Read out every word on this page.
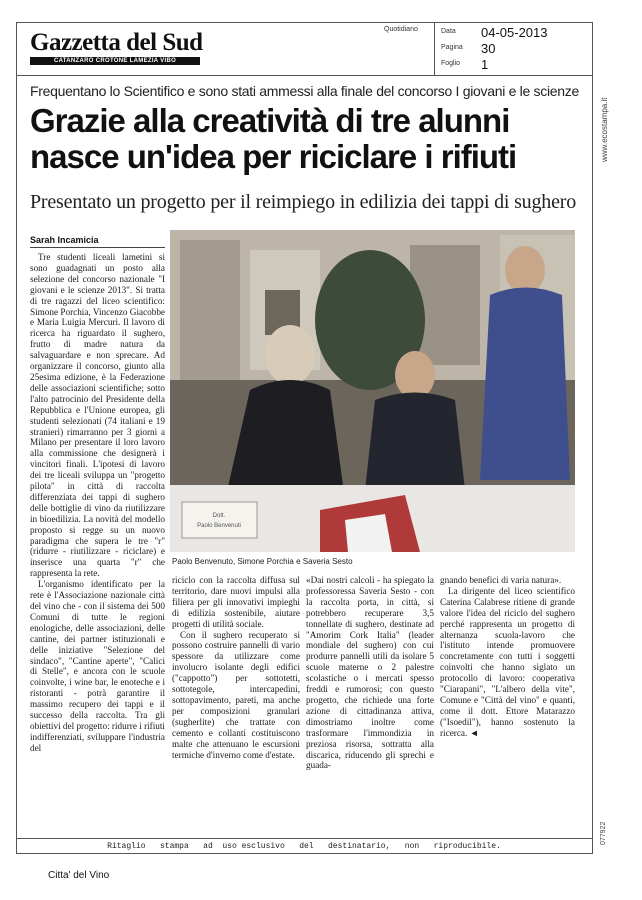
Gazzetta del Sud
CATANZARO CROTONE LAMEZIA VIBO
Quotidiano	Data	04-05-2013
Pagina	30
Foglio	1
www.ecostampa.it
077922
Frequentano lo Scientifico e sono stati ammessi alla finale del concorso I giovani e le scienze
Grazie alla creatività di tre alunni
nasce un'idea per riciclare i rifiuti
Presentato un progetto per il reimpiego in edilizia dei tappi di sughero
Sarah Incamicia

Tre studenti liceali lametini si sono guadagnati un posto alla selezione del concorso nazionale "I giovani e le scienze 2013". Si tratta di tre ragazzi del liceo scientifico: Simone Porchia, Vincenzo Giacobbe e Maria Luigia Mercuri. Il lavoro di ricerca ha riguardato il sughero, frutto di madre natura da salvaguardare e non sprecare. Ad organizzare il concorso, giunto alla 25esima edizione, è la Federazione delle associazioni scientifiche; sotto l'alto patrocinio del Presidente della Repubblica e l'Unione europea, gli studenti selezionati (74 italiani e 19 stranieri) rimarranno per 3 giorni a Milano per presentare il loro lavoro alla commissione che designerà i vincitori finali. L'ipotesi di lavoro dei tre liceali sviluppa un "progetto pilota" in città di raccolta differenziata dei tappi di sughero delle bottiglie di vino da riutilizzare in bioedilizia. La novità del modello proposto si regge su un nuovo paradigma che supera le tre "r" (ridurre - riutilizzare - riciclare) e inserisce una quarta "r" che rappresenta la rete.

L'organismo identificato per la rete è l'Associazione nazionale città del vino che - con il sistema dei 500 Comuni di tutte le regioni enologiche, delle associazioni, delle cantine, dei partner istituzionali e delle iniziative "Selezione del sindaco", "Cantine aperte", "Calici di Stelle", e ancora con le scuole coinvolte, i wine bar, le enoteche e i ristoranti - potrà garantire il massimo recupero dei tappi e il successo della raccolta. Tra gli obiettivi del progetto: ridurre i rifiuti indifferenziati, sviluppare l'industria del

Dott.
Paolo Benvenuti
Paolo Benvenuto, Simone Porchia e Saveria Sesto

riciclo con la raccolta diffusa sul territorio, dare nuovi impulsi alla filiera per gli innovativi impieghi di edilizia sostenibile, aiutare progetti di utilità sociale.

Con il sughero recuperato si possono costruire pannelli di vario spessore da utilizzare come involucro isolante degli edifici ("cappotto") per sottotetti, sottotegole, intercapedini, sottopavimento, pareti, ma anche per composizioni granulari (sugherlite) che trattate con cemento e collanti costituiscono malte che attenuano le escursioni termiche d'inverno come d'estate.

«Dai nostri calcoli - ha spiegato la professoressa Saveria Sesto - con la raccolta porta, in città, si potrebbero recuperare 3,5 tonnellate di sughero, destinate ad "Amorim Cork Italia" (leader mondiale del sughero) con cui produrre pannelli utili da isolare 5 scuole materne o 2 palestre scolastiche o i mercati spesso freddi e rumorosi; con questo progetto, che richiede una forte azione di cittadinanza attiva, dimostriamo inoltre come trasformare l'immondizia in preziosa risorsa, sottratta alla discarica, riducendo gli sprechi e guada-

gnando benefici di varia natura».

La dirigente del liceo scientifico Caterina Calabrese ritiene di grande valore l'idea del riciclo del sughero perché rappresenta un progetto di alternanza scuola-lavoro che l'istituto intende promuovere concretamente con tutti i soggetti coinvolti che hanno siglato un protocollo di lavoro: cooperativa "Ciarapani", "L'albero della vite", Comune e "Città del vino" e quanti, come il dott. Ettore Matarazzo ("Isoedil"), hanno sostenuto la ricerca. ◄

Ritaglio   stampa   ad  uso esclusivo   del   destinatario,   non   riproducibile.
Citta' del Vino
